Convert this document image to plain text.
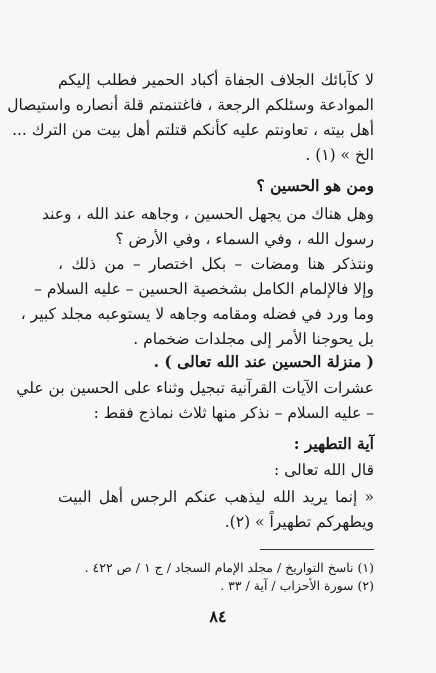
لا كآبائك الجلاف الجفاة أكباد الحمير فطلب إليكم
الموادعة وسئلكم الرجعة ، فاغتنمتم قلة أنصاره واستيصال
أهل بيته ، تعاونتم عليه كأنكم قتلتم أهل بيت من الترك ...
الخ » (١) .
ومن هو الحسين ؟
وهل هناك من يجهل الحسين ، وجاهه عند الله ، وعند
رسول الله ، وفي السماء ، وفي الأرض ؟
ونتذكر هنا ومضات – بكل اختصار – من ذلك ،
وإلا فالإلمام الكامل بشخصية الحسين – عليه السلام –
وما ورد في فضله ومقامه وجاهه لا يستوعبه مجلد كبير ،
بل يحوجنا الأمر إلى مجلدات ضخمام .
( منزلة الحسين عند الله تعالى ) .
عشرات الآيات القرآنية تبجيل وثناء على الحسين بن علي
– عليه السلام – نذكر منها ثلاث نماذج فقط :
آية التطهير :
قال الله تعالى :
« إنما يريد الله ليذهب عنكم الرجس أهل البيت
ويطهركم تطهيراً » (٢).
(١) ناسخ التواريخ / مجلد الإمام السجاد / ج ١ / ص ٤٢٢ .
(٢) سورة الأحزاب / آية / ٣٣ .
٨٤
